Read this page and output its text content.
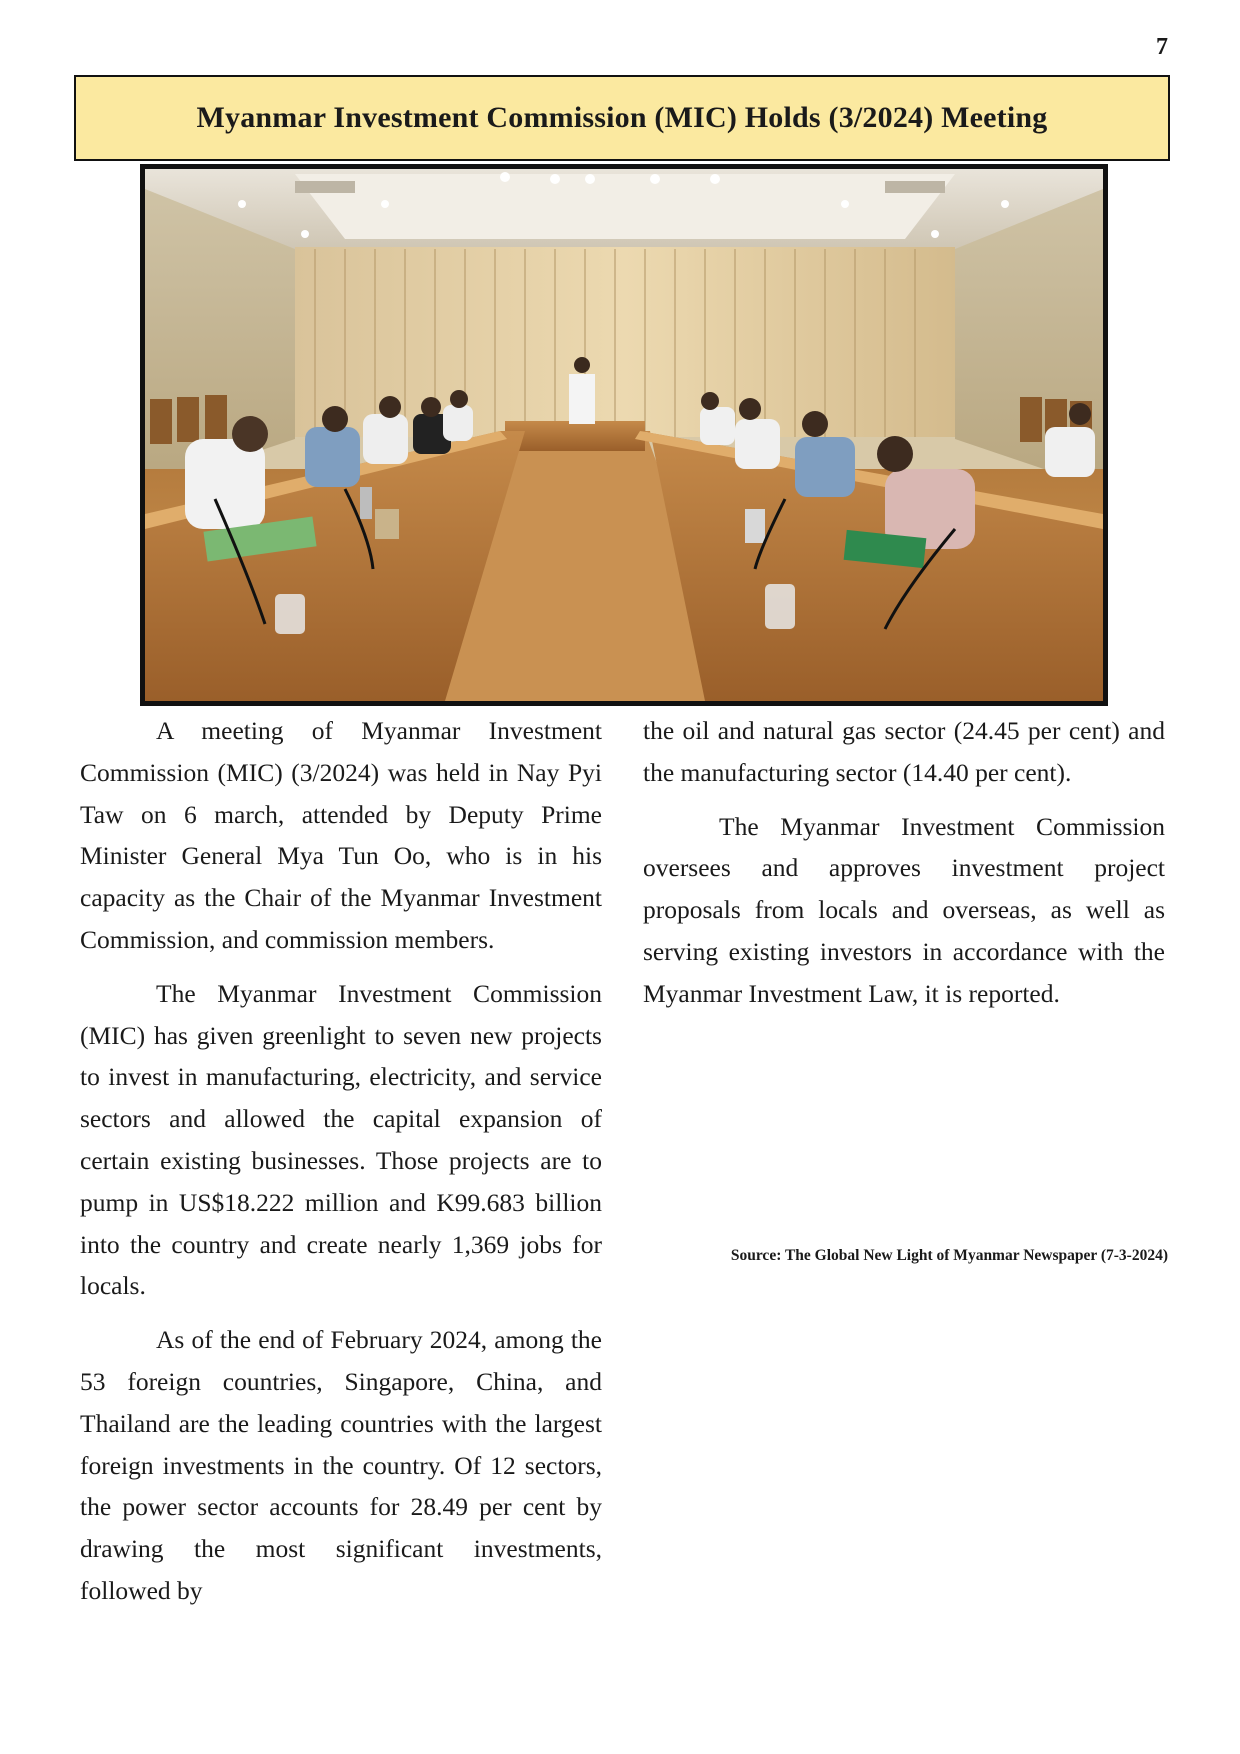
7
Myanmar Investment Commission (MIC) Holds (3/2024) Meeting

A meeting of Myanmar Investment Commission (MIC) (3/2024) was held in Nay Pyi Taw on 6 march, attended by Deputy Prime Minister General Mya Tun Oo, who is in his capacity as the Chair of the Myanmar Investment Commission, and commission members.

The Myanmar Investment Commission (MIC) has given greenlight to seven new projects to invest in manufacturing, electricity, and service sectors and allowed the capital expansion of certain existing businesses. Those projects are to pump in US$18.222 million and K99.683 billion into the country and create nearly 1,369 jobs for locals.

As of the end of February 2024, among the 53 foreign countries, Singapore, China, and Thailand are the leading countries with the largest foreign investments in the country. Of 12 sectors, the power sector accounts for 28.49 per cent by drawing the most significant investments, followed by

the oil and natural gas sector (24.45 per cent) and the manufacturing sector (14.40 per cent).

The Myanmar Investment Commission oversees and approves investment project proposals from locals and overseas, as well as serving existing investors in accordance with the Myanmar Investment Law, it is reported.

Source: The Global New Light of Myanmar Newspaper (7-3-2024)
